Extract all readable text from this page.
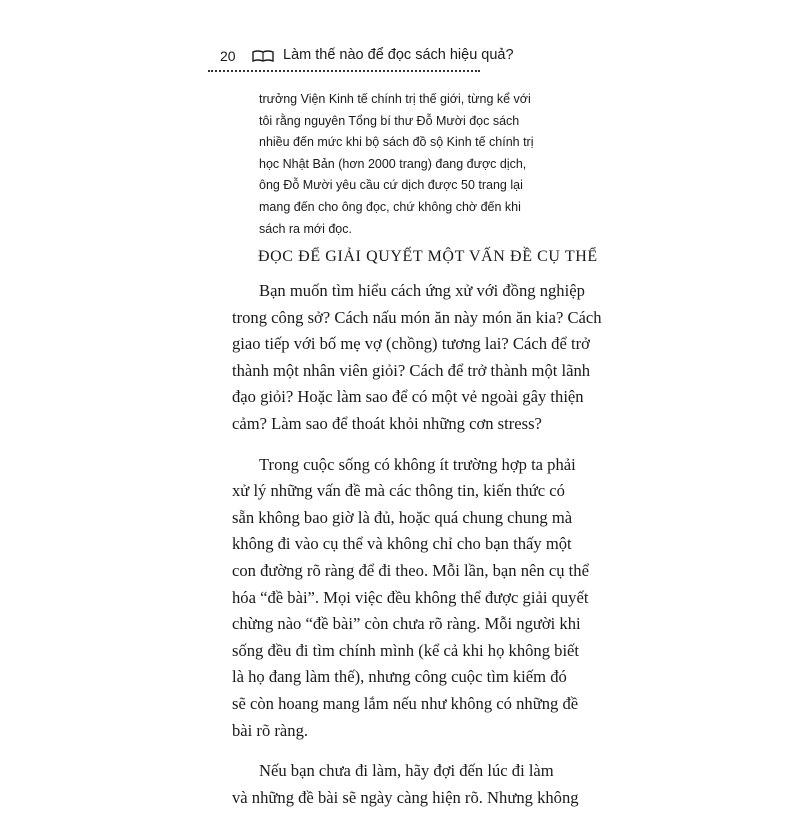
20	Làm thế nào để đọc sách hiệu quả?
trưởng Viện Kinh tế chính trị thế giới, từng kể với
tôi rằng nguyên Tổng bí thư Đỗ Mười đọc sách
nhiều đến mức khi bộ sách đồ sộ Kinh tế chính trị
học Nhật Bản (hơn 2000 trang) đang được dịch,
ông Đỗ Mười yêu cầu cứ dịch được 50 trang lại
mang đến cho ông đọc, chứ không chờ đến khi
sách ra mới đọc.
ĐỌC ĐỂ GIẢI QUYẾT MỘT VẤN ĐỀ CỤ THỂ
Bạn muốn tìm hiểu cách ứng xử với đồng nghiệp
trong công sở? Cách nấu món ăn này món ăn kia? Cách
giao tiếp với bố mẹ vợ (chồng) tương lai? Cách để trở
thành một nhân viên giỏi? Cách để trở thành một lãnh
đạo giỏi? Hoặc làm sao để có một vẻ ngoài gây thiện
cảm? Làm sao để thoát khỏi những cơn stress?
Trong cuộc sống có không ít trường hợp ta phải
xử lý những vấn đề mà các thông tin, kiến thức có
sẵn không bao giờ là đủ, hoặc quá chung chung mà
không đi vào cụ thể và không chỉ cho bạn thấy một
con đường rõ ràng để đi theo. Mỗi lần, bạn nên cụ thể
hóa “đề bài”. Mọi việc đều không thể được giải quyết
chừng nào “đề bài” còn chưa rõ ràng. Mỗi người khi
sống đều đi tìm chính mình (kể cả khi họ không biết
là họ đang làm thế), nhưng công cuộc tìm kiếm đó
sẽ còn hoang mang lắm nếu như không có những đề
bài rõ ràng.
Nếu bạn chưa đi làm, hãy đợi đến lúc đi làm
và những đề bài sẽ ngày càng hiện rõ. Nhưng không
